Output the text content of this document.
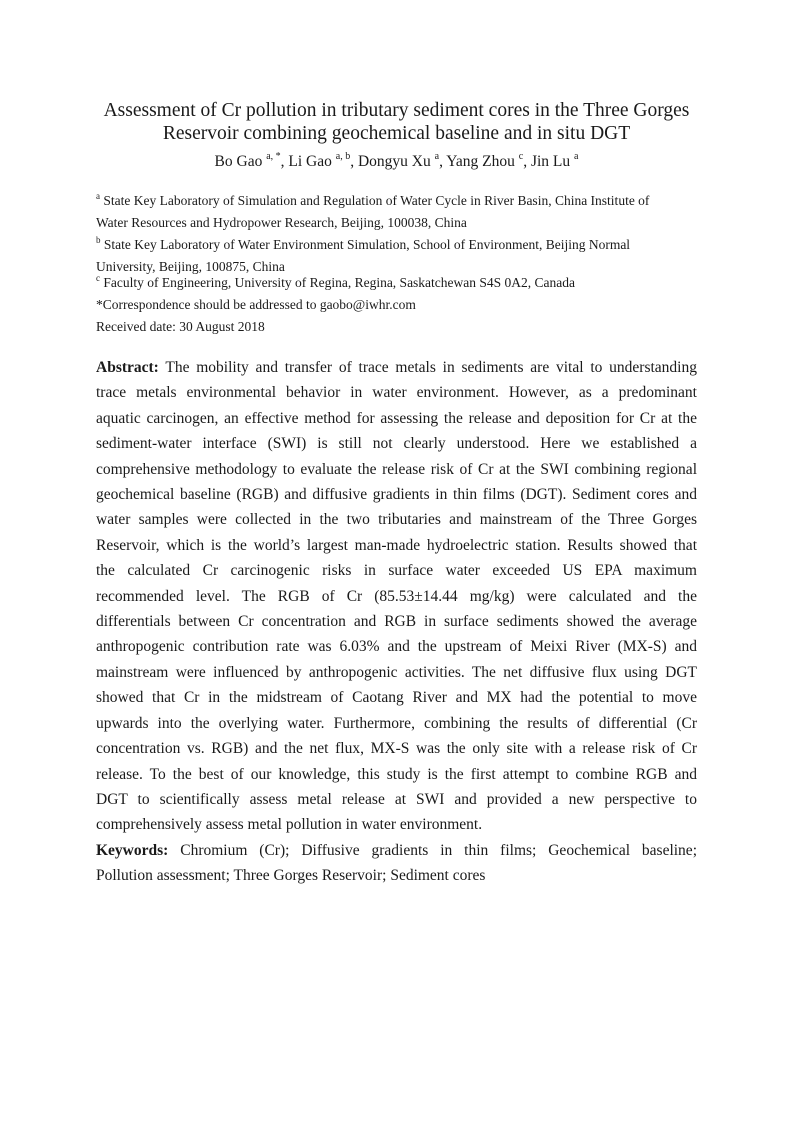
Assessment of Cr pollution in tributary sediment cores in the Three Gorges
Reservoir combining geochemical baseline and in situ DGT
Bo Gao $^{a, *}$, Li Gao $^{a, b}$, Dongyu Xu $^a$, Yang Zhou $^c$, Jin Lu $^a$
$^a$ State Key Laboratory of Simulation and Regulation of Water Cycle in River Basin, China Institute of
Water Resources and Hydropower Research, Beijing, 100038, China
$^b$ State Key Laboratory of Water Environment Simulation, School of Environment, Beijing Normal
University, Beijing, 100875, China
$^c$ Faculty of Engineering, University of Regina, Regina, Saskatchewan S4S 0A2, Canada
*Correspondence should be addressed to gaobo@iwhr.com
Received date: 30 August 2018
Abstract: The mobility and transfer of trace metals in sediments are vital to understanding
trace metals environmental behavior in water environment. However, as a predominant
aquatic carcinogen, an effective method for assessing the release and deposition for Cr at the
sediment-water interface (SWI) is still not clearly understood. Here we established a
comprehensive methodology to evaluate the release risk of Cr at the SWI combining regional
geochemical baseline (RGB) and diffusive gradients in thin films (DGT). Sediment cores and
water samples were collected in the two tributaries and mainstream of the Three Gorges
Reservoir, which is the world’s largest man-made hydroelectric station. Results showed that
the calculated Cr carcinogenic risks in surface water exceeded US EPA maximum
recommended level. The RGB of Cr (85.53±14.44 mg/kg) were calculated and the
differentials between Cr concentration and RGB in surface sediments showed the average
anthropogenic contribution rate was 6.03% and the upstream of Meixi River (MX-S) and
mainstream were influenced by anthropogenic activities. The net diffusive flux using DGT
showed that Cr in the midstream of Caotang River and MX had the potential to move
upwards into the overlying water. Furthermore, combining the results of differential (Cr
concentration vs. RGB) and the net flux, MX-S was the only site with a release risk of Cr
release. To the best of our knowledge, this study is the first attempt to combine RGB and
DGT to scientifically assess metal release at SWI and provided a new perspective to
comprehensively assess metal pollution in water environment.
Keywords: Chromium (Cr); Diffusive gradients in thin films; Geochemical baseline;
Pollution assessment; Three Gorges Reservoir; Sediment cores
